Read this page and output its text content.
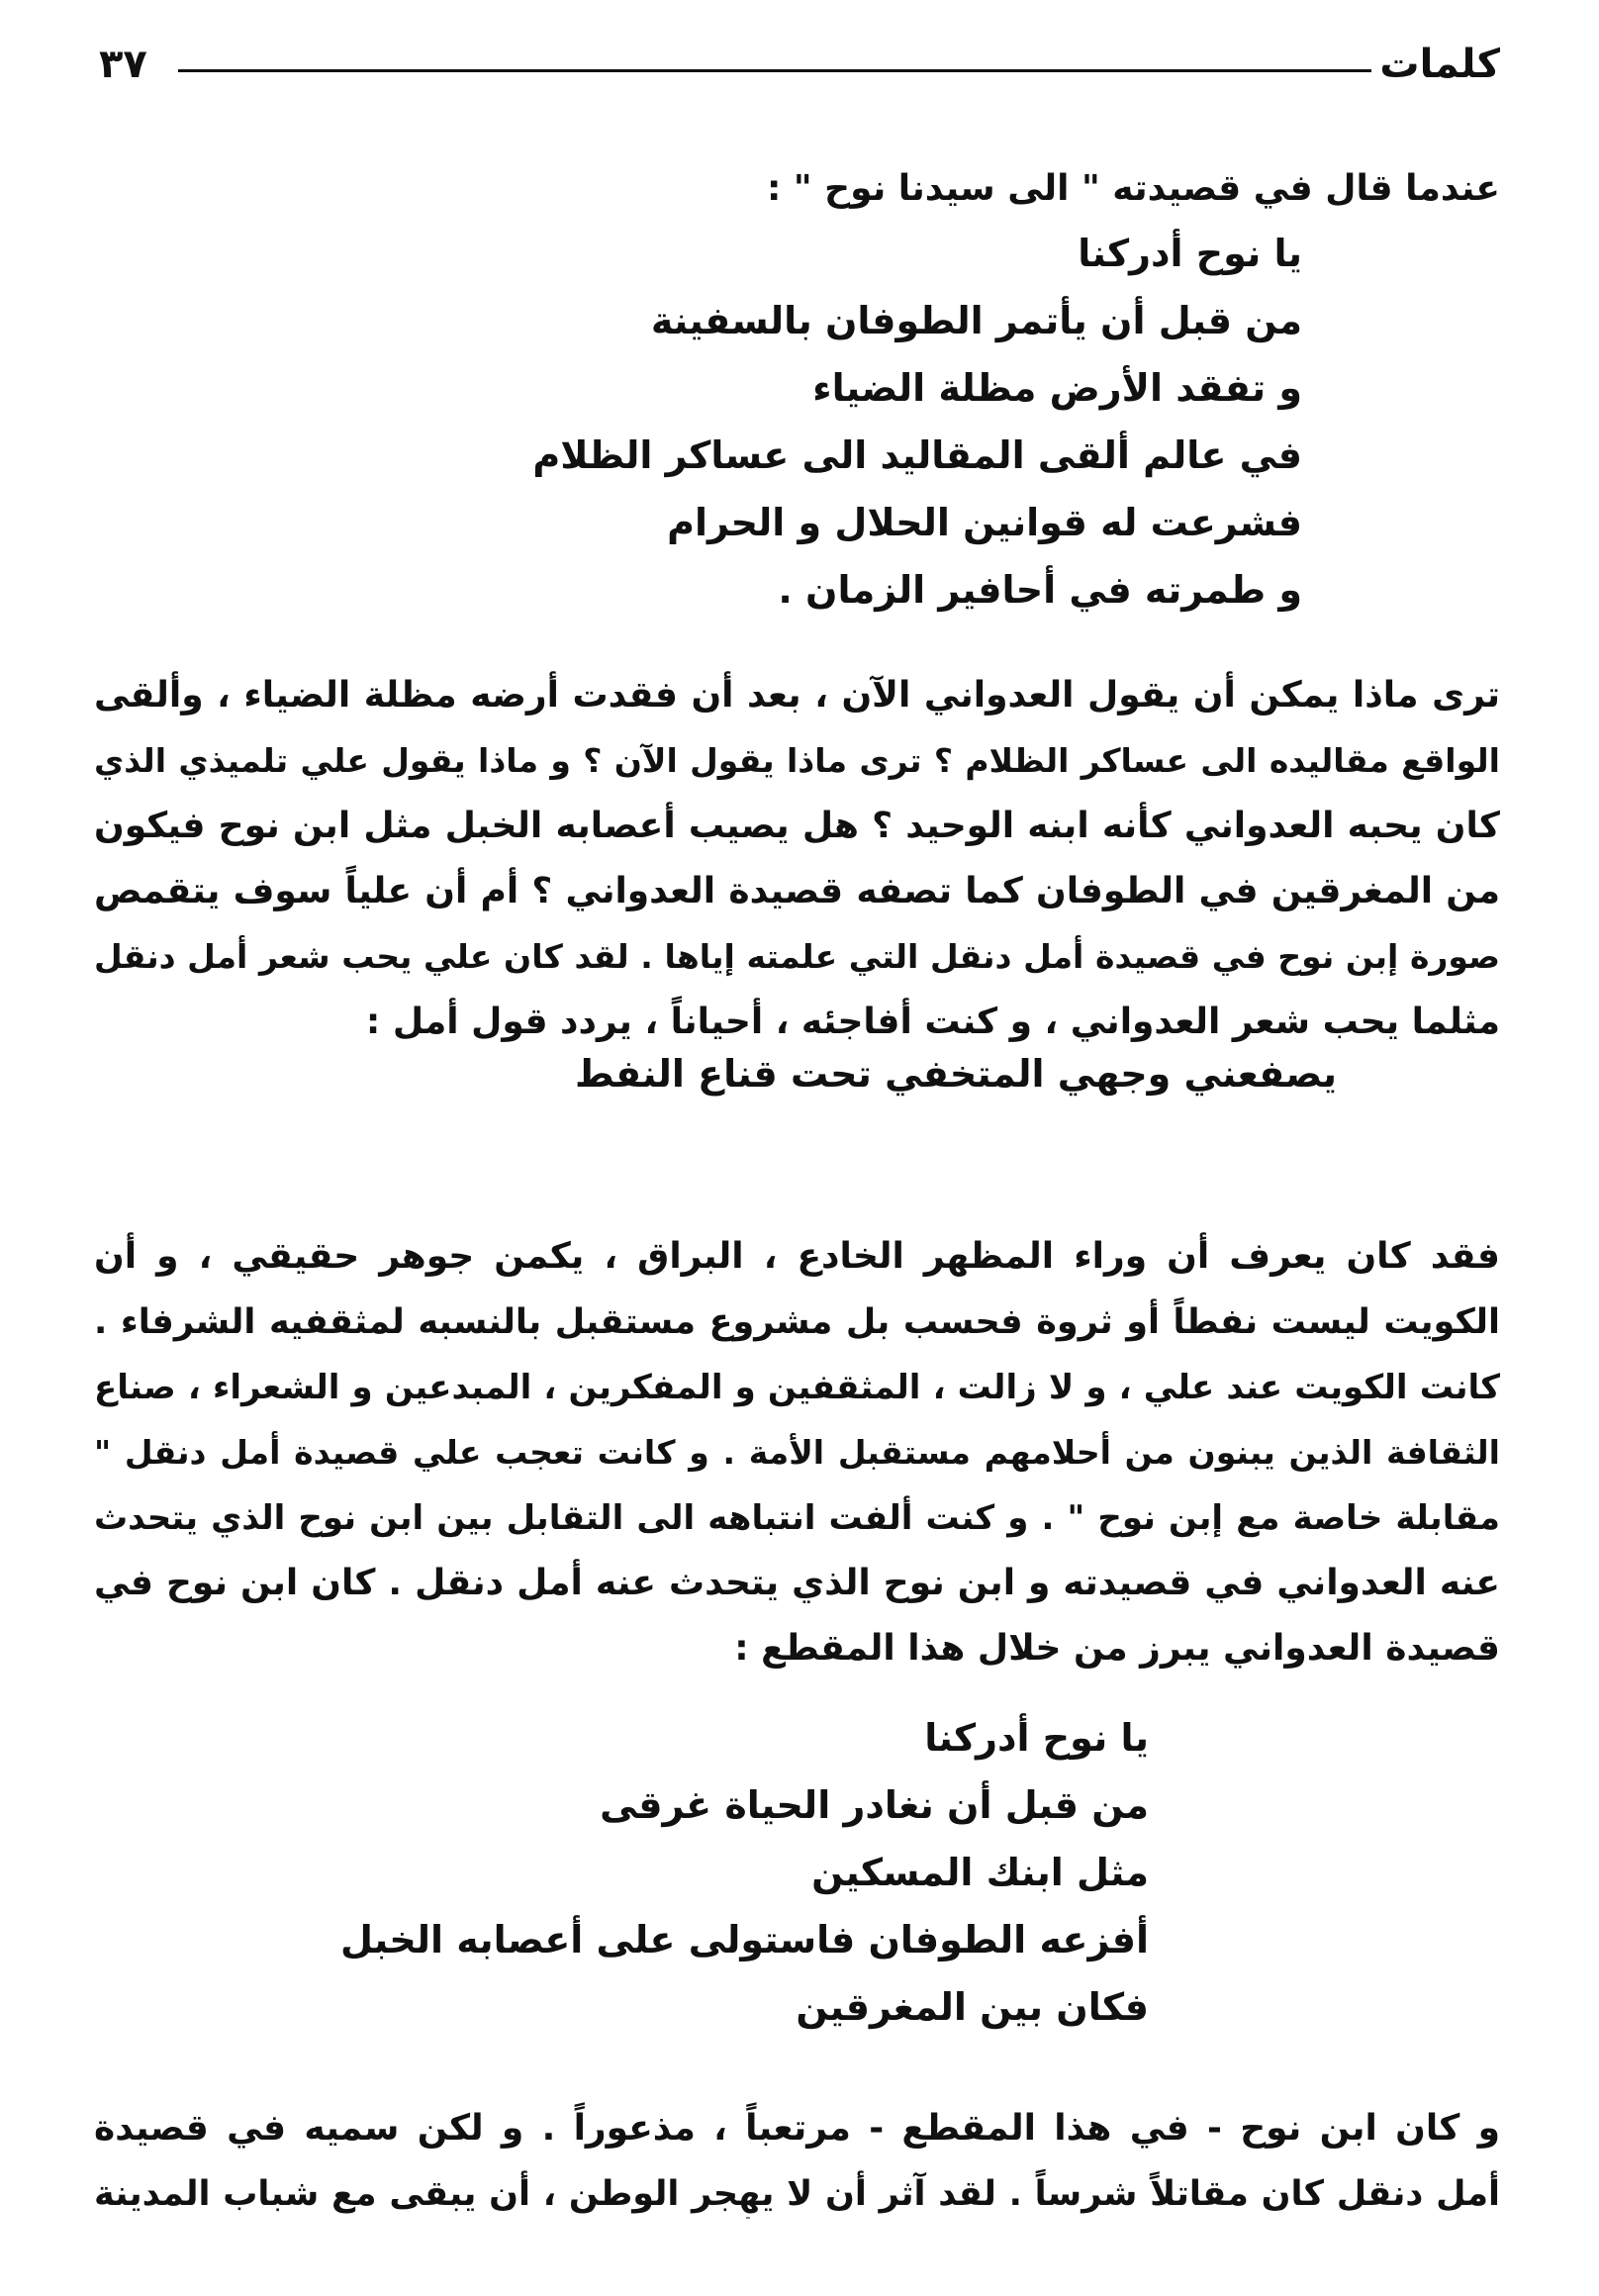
٣٧	كلمات
عندما قال في قصيدته " الى سيدنا نوح " :
يا نوح أدركنا
من قبل أن يأتمر الطوفان بالسفينة
و تفقد الأرض مظلة الضياء
في عالم ألقى المقاليد الى عساكر الظلام
فشرعت له قوانين الحلال و الحرام
و طمرته في أحافير الزمان .
ترى ماذا يمكن أن يقول العدواني الآن ، بعد أن فقدت أرضه مظلة الضياء ، وألقى
الواقع مقاليده الى عساكر الظلام ؟ ترى ماذا يقول الآن ؟ و ماذا يقول علي تلميذي الذي
كان يحبه العدواني كأنه ابنه الوحيد ؟ هل يصيب أعصابه الخبل مثل ابن نوح فيكون
من المغرقين في الطوفان كما تصفه قصيدة العدواني ؟ أم أن علياً سوف يتقمص
صورة إبن نوح في قصيدة أمل دنقل التي علمته إياها . لقد كان علي يحب شعر أمل دنقل
مثلما يحب شعر العدواني ، و كنت أفاجئه ، أحياناً ، يردد قول أمل :
يصفعني وجهي المتخفي تحت قناع النفط
فقد كان يعرف أن وراء المظهر الخادع ، البراق ، يكمن جوهر حقيقي ، و أن
الكويت ليست نفطاً أو ثروة فحسب بل مشروع مستقبل بالنسبه لمثقفيه الشرفاء .
كانت الكويت عند علي ، و لا زالت ، المثقفين و المفكرين ، المبدعين و الشعراء ، صناع
الثقافة الذين يبنون من أحلامهم مستقبل الأمة . و كانت تعجب علي قصيدة أمل دنقل "
مقابلة خاصة مع إبن نوح " . و كنت ألفت انتباهه الى التقابل بين ابن نوح الذي يتحدث
عنه العدواني في قصيدته و ابن نوح الذي يتحدث عنه أمل دنقل . كان ابن نوح في
قصيدة العدواني يبرز من خلال هذا المقطع :
يا نوح أدركنا
من قبل أن نغادر الحياة غرقى
مثل ابنك المسكين
أفزعه الطوفان فاستولى على أعصابه الخبل
فكان بين المغرقين
و كان ابن نوح - في هذا المقطع - مرتعباً ، مذعوراً . و لكن سميه في قصيدة
أمل دنقل كان مقاتلاً شرساً . لقد آثر أن لا يهجر الوطن ، أن يبقى مع شباب المدينة
